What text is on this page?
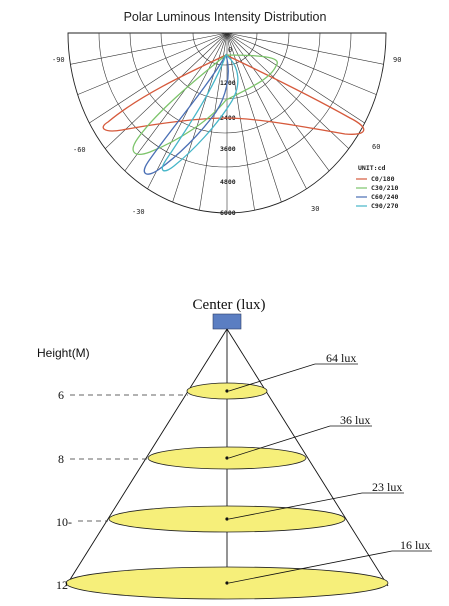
Polar Luminous Intensity Distribution
-90	90
-60	60
-30	30
0
1200
2400
3600
4800
6000
UNIT:cd
C0/180
C30/210
C60/240
C90/270
Center (lux)
Height(M)
6
8
10-
12
64 lux
36 lux
23 lux
16 lux
